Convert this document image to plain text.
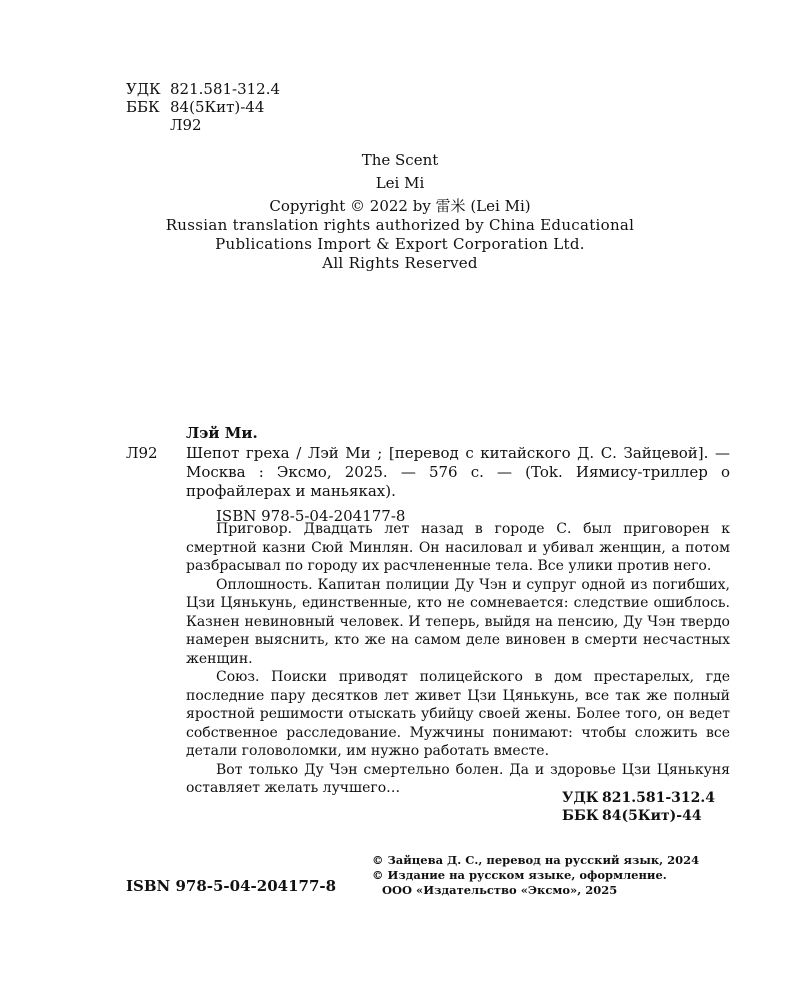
УДК 821.581-312.4
ББК 84(5Кит)-44
Л92
The Scent
Lei Mi
Copyright © 2022 by 雷米 (Lei Mi)
Russian translation rights authorized by China Educational
Publications Import & Export Corporation Ltd.
All Rights Reserved
Лэй Ми.
Л92 Шепот греха / Лэй Ми ; [перевод с китайского Д. С. Зайцевой]. — Москва : Эксмо, 2025. — 576 с. — (Tok. Иямису-триллер о профайлерах и маньяках).
ISBN 978-5-04-204177-8

Приговор. Двадцать лет назад в городе С. был приговорен к смертной казни Сюй Минлян. Он насиловал и убивал женщин, а потом разбрасывал по городу их расчлененные тела. Все улики против него.

Оплошность. Капитан полиции Ду Чэн и супруг одной из погибших, Цзи Цянькунь, единственные, кто не сомневается: следствие ошиблось. Казнен невиновный человек. И теперь, выйдя на пенсию, Ду Чэн твердо намерен выяснить, кто же на самом деле виновен в смерти несчастных женщин.

Союз. Поиски приводят полицейского в дом престарелых, где последние пару десятков лет живет Цзи Цянькунь, все так же полный яростной решимости отыскать убийцу своей жены. Более того, он ведет собственное расследование. Мужчины понимают: чтобы сложить все детали головоломки, им нужно работать вместе.

Вот только Ду Чэн смертельно болен. Да и здоровье Цзи Цянькуня оставляет желать лучшего…

УДК 821.581-312.4
ББК 84(5Кит)-44
ISBN 978-5-04-204177-8
© Зайцева Д. С., перевод на русский язык, 2024
© Издание на русском языке, оформление.
ООО «Издательство «Эксмо», 2025
